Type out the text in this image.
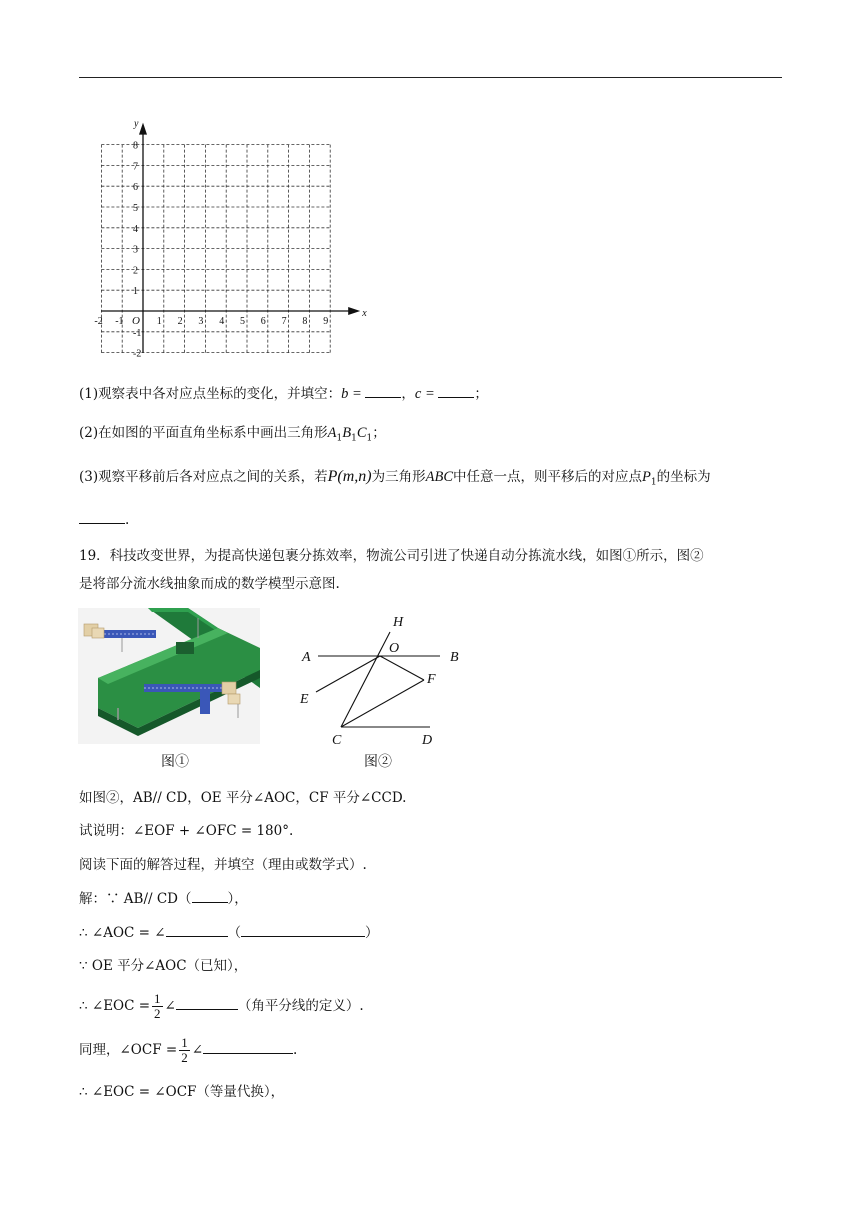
x
y
O
-2 -1	1 2 3 4 5 6 7 8 9
-2
-1
1
2
3
4
5
6
7
8
(1)观察表中各对应点坐标的变化，并填空：b =	，c =	；
(2)在如图的平面直角坐标系中画出三角形$A_1B_1C_1$；
(3)观察平移前后各对应点之间的关系，若P(m,n)为三角形ABC中任意一点，则平移后的对应点$P_1$的坐标为
.
19．科技改变世界，为提高快递包裹分拣效率，物流公司引进了快递自动分拣流水线，如图①所示，图②
是将部分流水线抽象而成的数学模型示意图.
图①
H
A
O
B
E
F
C	D
图②
如图②，AB// CD，OE 平分∠AOC，CF 平分∠CCD.
试说明：∠EOF + ∠OFC = 180°.
阅读下面的解答过程，并填空（理由或数学式）.
解：∵ AB// CD（	），
∴ ∠AOC = ∠	（	）
∵ OE 平分∠AOC（已知），
∴ ∠EOC = $\frac{1}{2}$ ∠	（角平分线的定义）.
同理，∠OCF = $\frac{1}{2}$ ∠	.
∴ ∠EOC = ∠OCF（等量代换），
